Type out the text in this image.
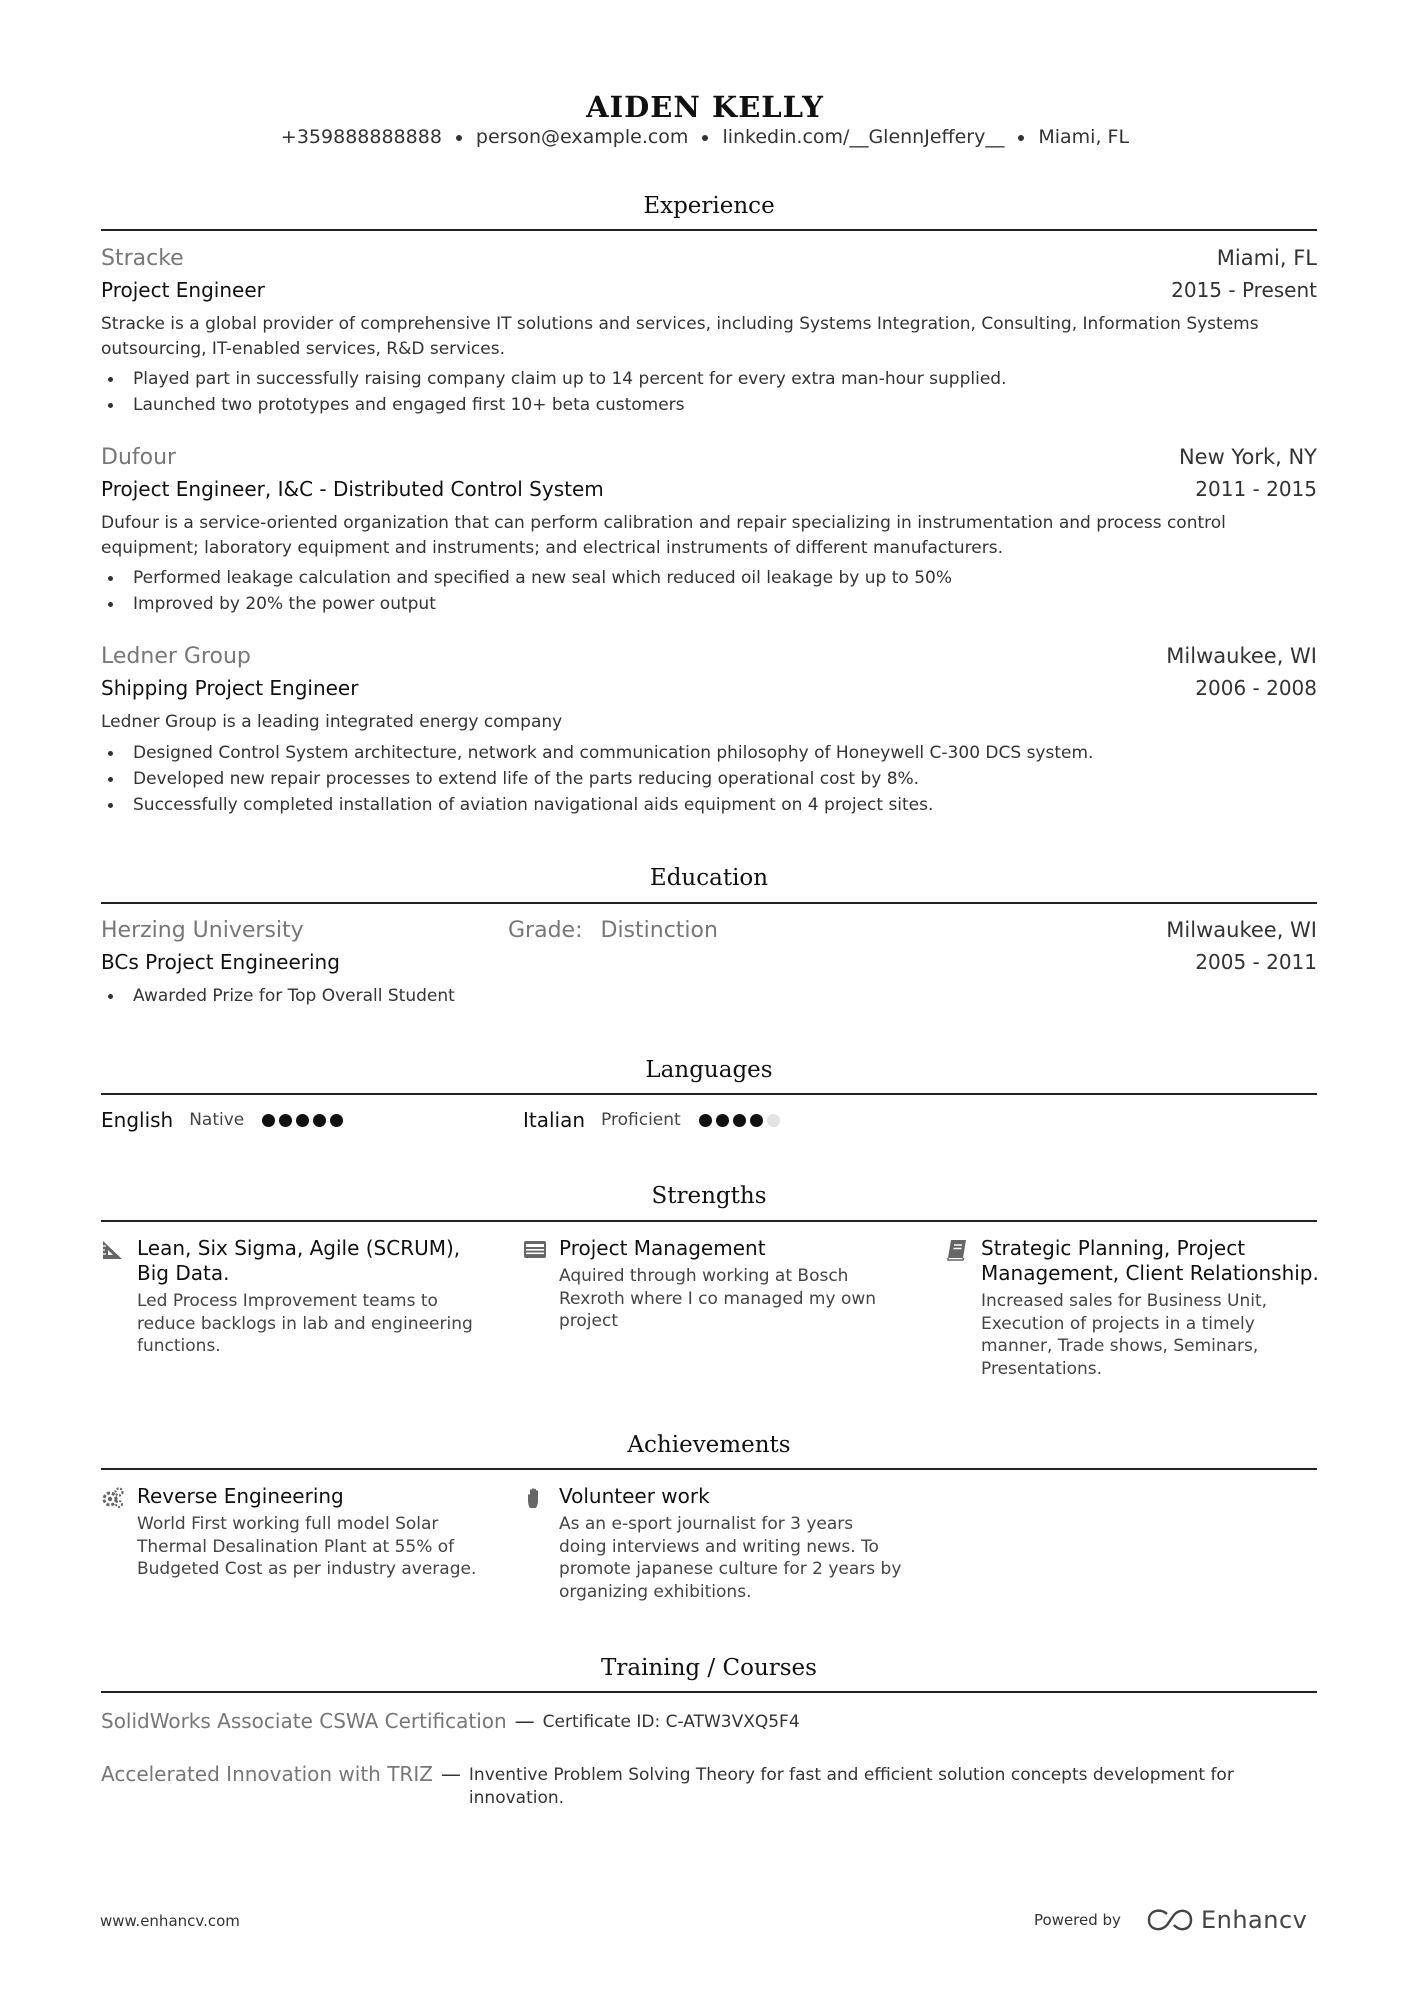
AIDEN KELLY
+359888888888 person@example.com linkedin.com/__GlennJeffery__ Miami, FL
Experience
Stracke	Miami, FL
Project Engineer	2015 - Present
Stracke is a global provider of comprehensive IT solutions and services, including Systems Integration, Consulting, Information Systems outsourcing, IT-enabled services, R&D services.
Played part in successfully raising company claim up to 14 percent for every extra man-hour supplied.
Launched two prototypes and engaged first 10+ beta customers
Dufour	New York, NY
Project Engineer, I&C - Distributed Control System	2011 - 2015
Dufour is a service-oriented organization that can perform calibration and repair specializing in instrumentation and process control equipment; laboratory equipment and instruments; and electrical instruments of different manufacturers.
Performed leakage calculation and specified a new seal which reduced oil leakage by up to 50%
Improved by 20% the power output
Ledner Group	Milwaukee, WI
Shipping Project Engineer	2006 - 2008
Ledner Group is a leading integrated energy company
Designed Control System architecture, network and communication philosophy of Honeywell C-300 DCS system.
Developed new repair processes to extend life of the parts reducing operational cost by 8%.
Successfully completed installation of aviation navigational aids equipment on 4 project sites.
Education
Herzing University	Grade: Distinction	Milwaukee, WI
BCs Project Engineering	2005 - 2011
Awarded Prize for Top Overall Student
Languages
English Native	Italian Proficient
Strengths
Lean, Six Sigma, Agile (SCRUM), Big Data.
Led Process Improvement teams to reduce backlogs in lab and engineering functions.
Project Management
Aquired through working at Bosch Rexroth where I co managed my own project
Strategic Planning, Project Management, Client Relationship.
Increased sales for Business Unit, Execution of projects in a timely manner, Trade shows, Seminars, Presentations.
Achievements
Reverse Engineering
World First working full model Solar Thermal Desalination Plant at 55% of Budgeted Cost as per industry average.
Volunteer work
As an e-sport journalist for 3 years doing interviews and writing news. To promote japanese culture for 2 years by organizing exhibitions.
Training / Courses
SolidWorks Associate CSWA Certification — Certificate ID: C-ATW3VXQ5F4
Accelerated Innovation with TRIZ — Inventive Problem Solving Theory for fast and efficient solution concepts development for innovation.
www.enhancv.com	Powered by	Enhancv
